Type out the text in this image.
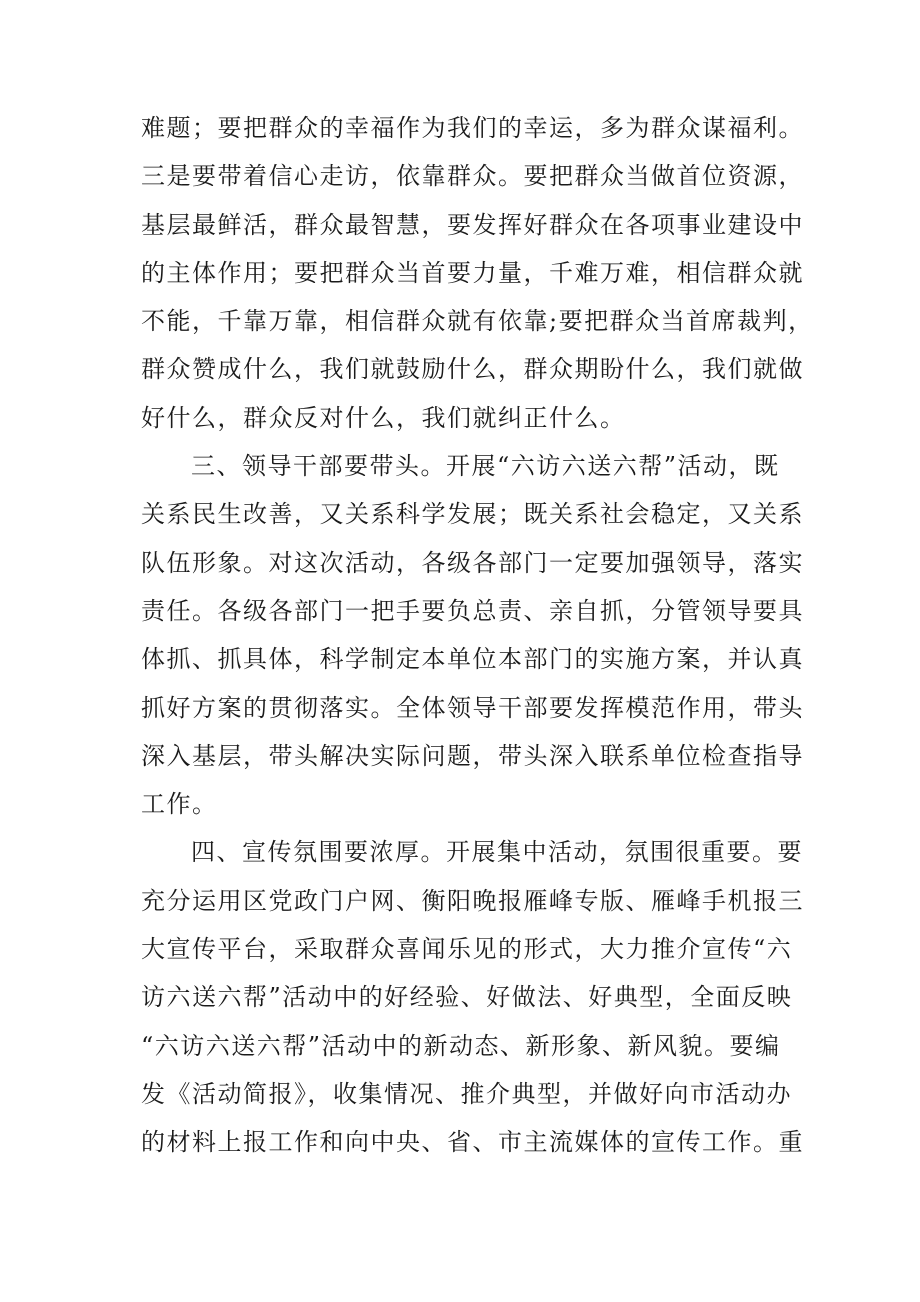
难题；要把群众的幸福作为我们的幸运，多为群众谋福利。
三是要带着信心走访，依靠群众。要把群众当做首位资源，
基层最鲜活，群众最智慧，要发挥好群众在各项事业建设中
的主体作用；要把群众当首要力量，千难万难，相信群众就
不能，千靠万靠，相信群众就有依靠;要把群众当首席裁判，
群众赞成什么，我们就鼓励什么，群众期盼什么，我们就做
好什么，群众反对什么，我们就纠正什么。
三、领导干部要带头。开展“六访六送六帮”活动，既
关系民生改善，又关系科学发展；既关系社会稳定，又关系
队伍形象。对这次活动，各级各部门一定要加强领导，落实
责任。各级各部门一把手要负总责、亲自抓，分管领导要具
体抓、抓具体，科学制定本单位本部门的实施方案，并认真
抓好方案的贯彻落实。全体领导干部要发挥模范作用，带头
深入基层，带头解决实际问题，带头深入联系单位检查指导
工作。
四、宣传氛围要浓厚。开展集中活动，氛围很重要。要
充分运用区党政门户网、衡阳晚报雁峰专版、雁峰手机报三
大宣传平台，采取群众喜闻乐见的形式，大力推介宣传“六
访六送六帮”活动中的好经验、好做法、好典型，全面反映
“六访六送六帮”活动中的新动态、新形象、新风貌。要编
发《活动简报》，收集情况、推介典型，并做好向市活动办
的材料上报工作和向中央、省、市主流媒体的宣传工作。重
